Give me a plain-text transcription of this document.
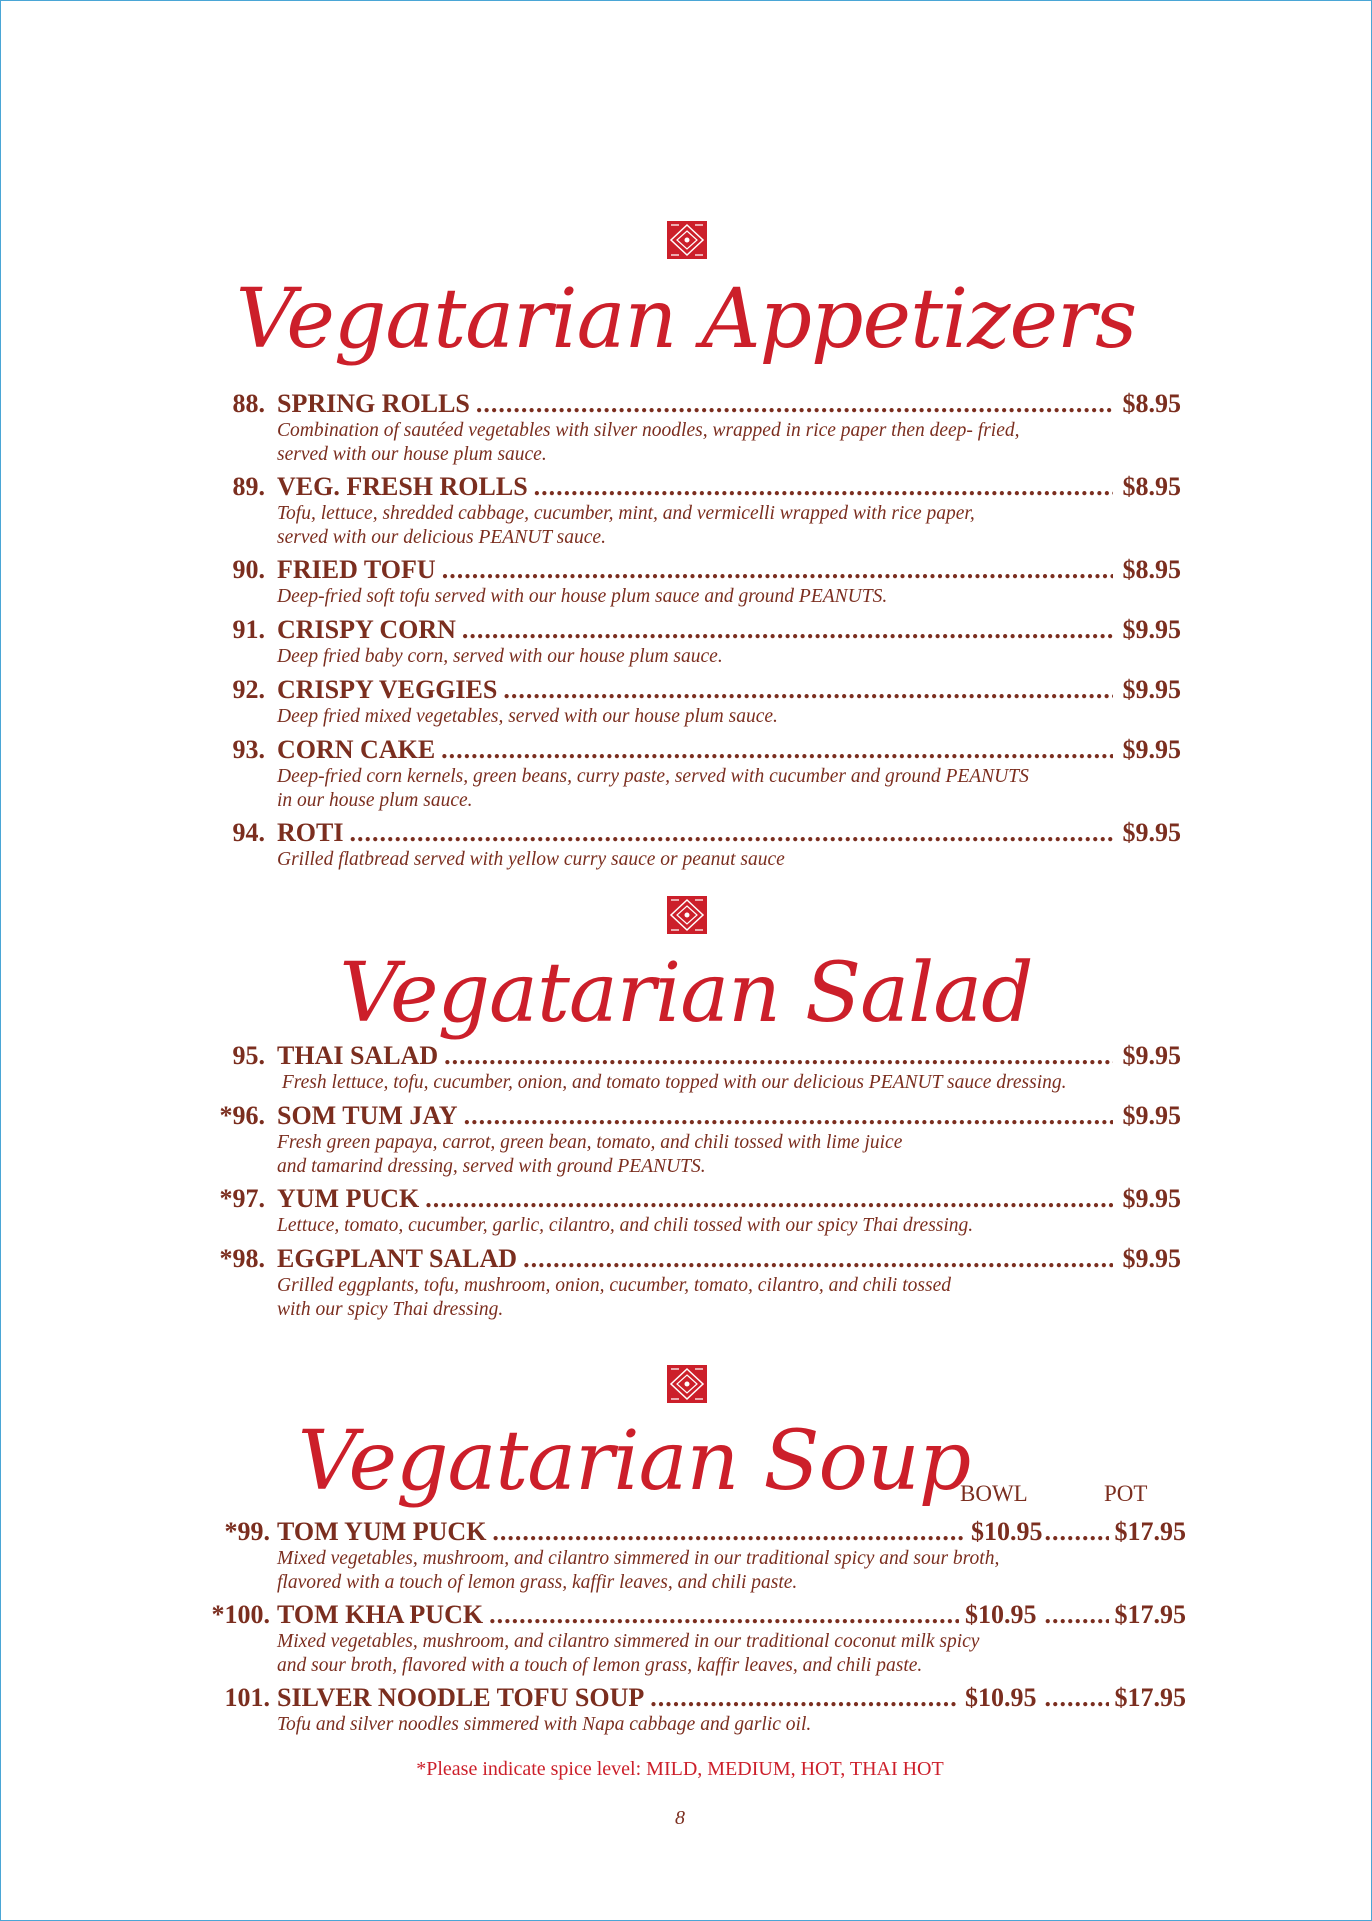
Vegatarian Appetizers
Vegatarian Salad
Vegatarian Soup
88. SPRING ROLLS .....	$8.95
Combination of sautéed vegetables with silver noodles, wrapped in rice paper then deep- fried,
served with our house plum sauce.
89. VEG. FRESH ROLLS .....	$8.95
Tofu, lettuce, shredded cabbage, cucumber, mint, and vermicelli wrapped with rice paper,
served with our delicious PEANUT sauce.
90. FRIED TOFU .....	$8.95
Deep-fried soft tofu served with our house plum sauce and ground PEANUTS.
91. CRISPY CORN .....	$9.95
Deep fried baby corn, served with our house plum sauce.
92. CRISPY VEGGIES .....	$9.95
Deep fried mixed vegetables, served with our house plum sauce.
93. CORN CAKE .....	$9.95
Deep-fried corn kernels, green beans, curry paste, served with cucumber and ground PEANUTS
in our house plum sauce.
94. ROTI .....	$9.95
Grilled flatbread served with yellow curry sauce or peanut sauce
95. THAI SALAD .....	$9.95
Fresh lettuce, tofu, cucumber, onion, and tomato topped with our delicious PEANUT sauce dressing.
*96. SOM TUM JAY .....	$9.95
Fresh green papaya, carrot, green bean, tomato, and chili tossed with lime juice
and tamarind dressing, served with ground PEANUTS.
*97. YUM PUCK .....	$9.95
Lettuce, tomato, cucumber, garlic, cilantro, and chili tossed with our spicy Thai dressing.
*98. EGGPLANT SALAD .....	$9.95
Grilled eggplants, tofu, mushroom, onion, cucumber, tomato, cilantro, and chili tossed
with our spicy Thai dressing.
BOWL	POT
*99. TOM YUM PUCK .....	$10.95 .....	$17.95
Mixed vegetables, mushroom, and cilantro simmered in our traditional spicy and sour broth,
flavored with a touch of lemon grass, kaffir leaves, and chili paste.
*100. TOM KHA PUCK .....	$10.95 .....	$17.95
Mixed vegetables, mushroom, and cilantro simmered in our traditional coconut milk spicy
and sour broth, flavored with a touch of lemon grass, kaffir leaves, and chili paste.
101. SILVER NOODLE TOFU SOUP .....	$10.95 .....	$17.95
Tofu and silver noodles simmered with Napa cabbage and garlic oil.
*Please indicate spice level: MILD, MEDIUM, HOT, THAI HOT
8
